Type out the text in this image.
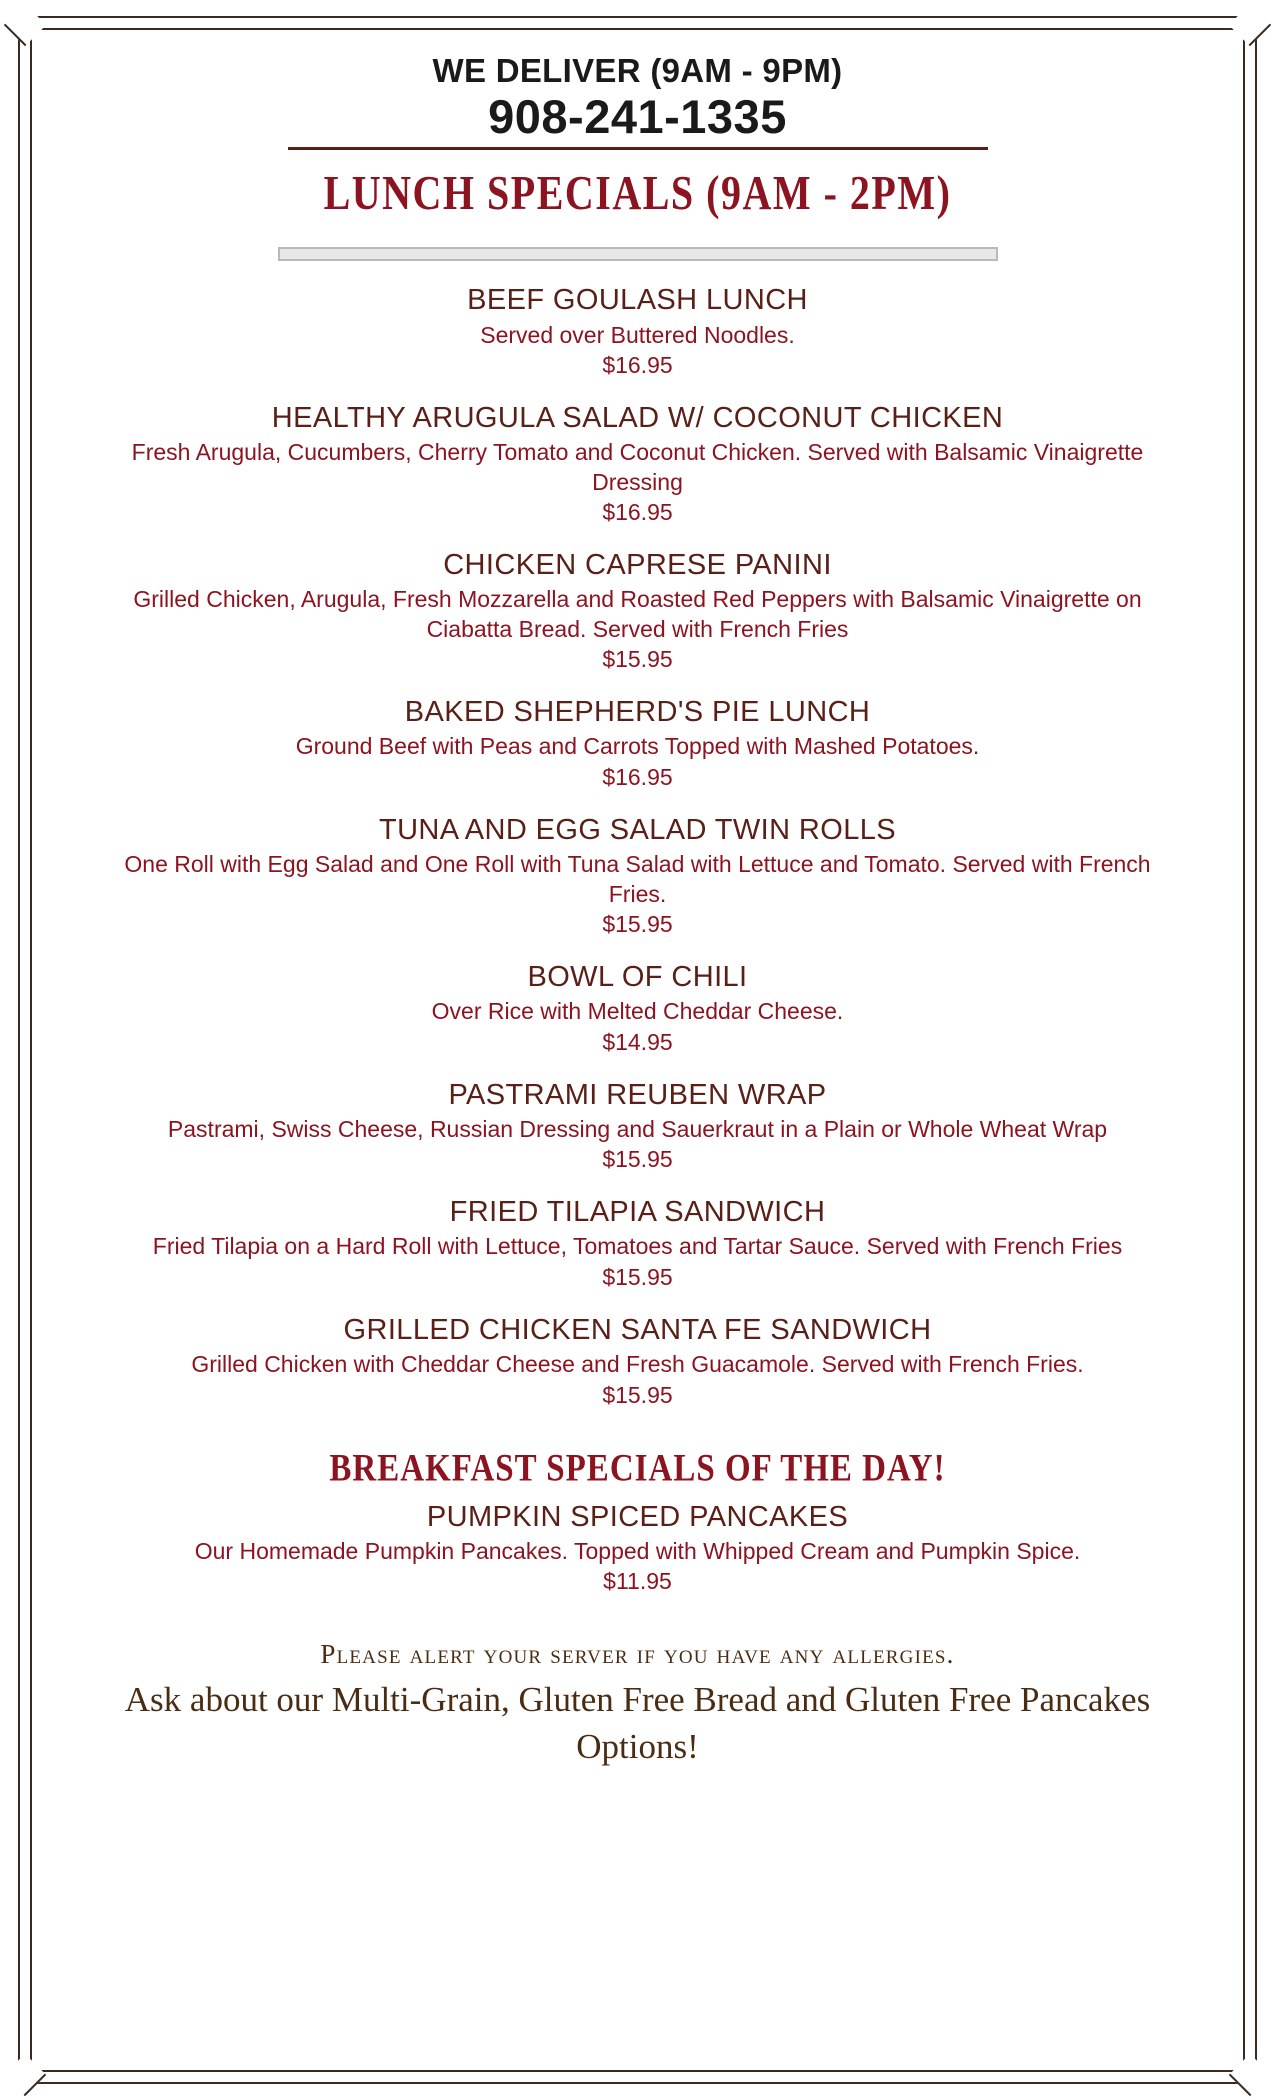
WE DELIVER (9AM - 9PM)
908-241-1335
LUNCH SPECIALS (9AM - 2PM)
BEEF GOULASH LUNCH
Served over Buttered Noodles.
$16.95
HEALTHY ARUGULA SALAD W/ COCONUT CHICKEN
Fresh Arugula, Cucumbers, Cherry Tomato and Coconut Chicken. Served with Balsamic Vinaigrette Dressing
$16.95
CHICKEN CAPRESE PANINI
Grilled Chicken, Arugula, Fresh Mozzarella and Roasted Red Peppers with Balsamic Vinaigrette on Ciabatta Bread. Served with French Fries
$15.95
BAKED SHEPHERD'S PIE LUNCH
Ground Beef with Peas and Carrots Topped with Mashed Potatoes.
$16.95
TUNA AND EGG SALAD TWIN ROLLS
One Roll with Egg Salad and One Roll with Tuna Salad with Lettuce and Tomato. Served with French Fries.
$15.95
BOWL OF CHILI
Over Rice with Melted Cheddar Cheese.
$14.95
PASTRAMI REUBEN WRAP
Pastrami, Swiss Cheese, Russian Dressing and Sauerkraut in a Plain or Whole Wheat Wrap
$15.95
FRIED TILAPIA SANDWICH
Fried Tilapia on a Hard Roll with Lettuce, Tomatoes and Tartar Sauce. Served with French Fries
$15.95
GRILLED CHICKEN SANTA FE SANDWICH
Grilled Chicken with Cheddar Cheese and Fresh Guacamole. Served with French Fries.
$15.95
BREAKFAST SPECIALS OF THE DAY!
PUMPKIN SPICED PANCAKES
Our Homemade Pumpkin Pancakes. Topped with Whipped Cream and Pumpkin Spice.
$11.95
Please alert your server if you have any allergies.
Ask about our Multi-Grain, Gluten Free Bread and Gluten Free Pancakes Options!
